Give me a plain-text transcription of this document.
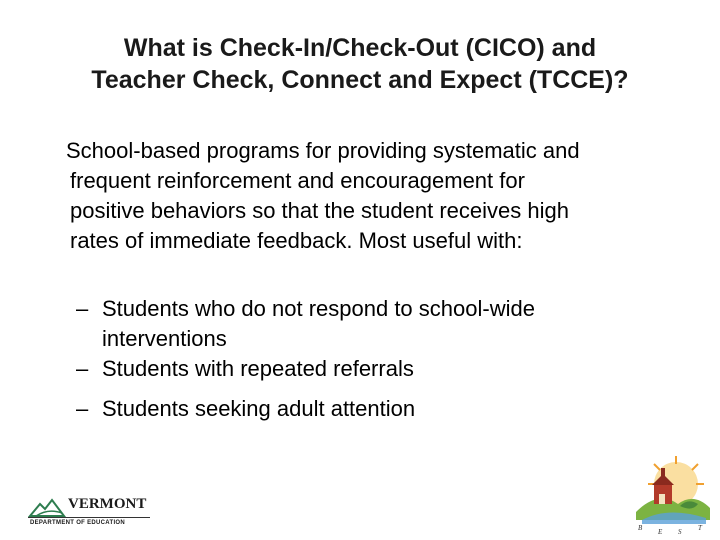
What is Check-In/Check-Out (CICO) and
Teacher Check, Connect and Expect (TCCE)?
School-based programs for providing systematic and
frequent reinforcement and encouragement for
positive behaviors so that the student receives high
rates of immediate feedback. Most useful with:
– Students who do not respond to school-wide
interventions
– Students with repeated referrals
– Students seeking adult attention
VERMONT
DEPARTMENT OF EDUCATION
B E S T
